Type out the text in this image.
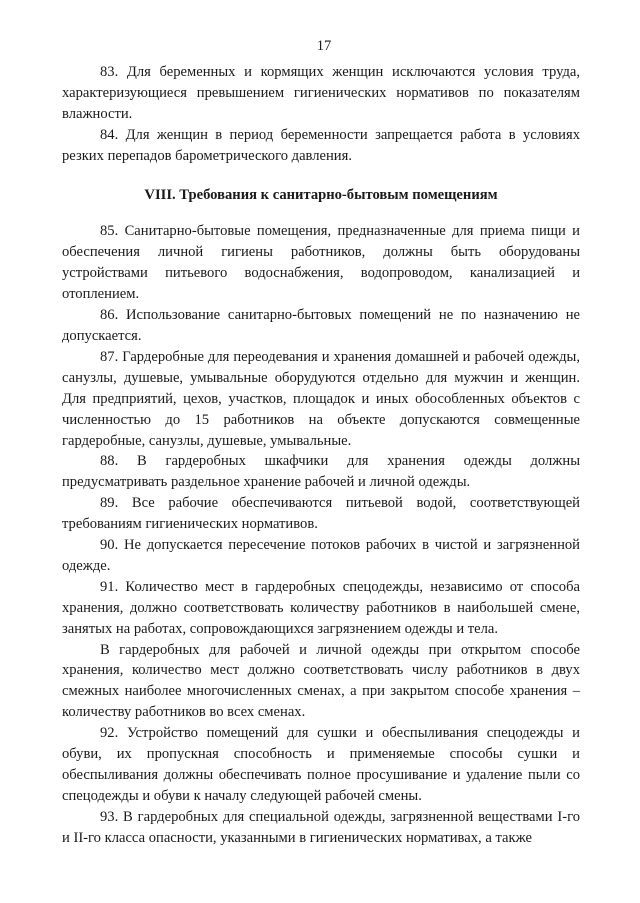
17

83. Для беременных и кормящих женщин исключаются условия труда, характеризующиеся превышением гигиенических нормативов по показателям влажности.

84. Для женщин в период беременности запрещается работа в условиях резких перепадов барометрического давления.

VIII. Требования к санитарно-бытовым помещениям

85. Санитарно-бытовые помещения, предназначенные для приема пищи и обеспечения личной гигиены работников, должны быть оборудованы устройствами питьевого водоснабжения, водопроводом, канализацией и отоплением.

86. Использование санитарно-бытовых помещений не по назначению не допускается.

87. Гардеробные для переодевания и хранения домашней и рабочей одежды, санузлы, душевые, умывальные оборудуются отдельно для мужчин и женщин. Для предприятий, цехов, участков, площадок и иных обособленных объектов с численностью до 15 работников на объекте допускаются совмещенные гардеробные, санузлы, душевые, умывальные.

88. В гардеробных шкафчики для хранения одежды должны предусматривать раздельное хранение рабочей и личной одежды.

89. Все рабочие обеспечиваются питьевой водой, соответствующей требованиям гигиенических нормативов.

90. Не допускается пересечение потоков рабочих в чистой и загрязненной одежде.

91. Количество мест в гардеробных спецодежды, независимо от способа хранения, должно соответствовать количеству работников в наибольшей смене, занятых на работах, сопровождающихся загрязнением одежды и тела.

В гардеробных для рабочей и личной одежды при открытом способе хранения, количество мест должно соответствовать числу работников в двух смежных наиболее многочисленных сменах, а при закрытом способе хранения – количеству работников во всех сменах.

92. Устройство помещений для сушки и обеспыливания спецодежды и обуви, их пропускная способность и применяемые способы сушки и обеспыливания должны обеспечивать полное просушивание и удаление пыли со спецодежды и обуви к началу следующей рабочей смены.

93. В гардеробных для специальной одежды, загрязненной веществами I-го и II-го класса опасности, указанными в гигиенических нормативах, а также
